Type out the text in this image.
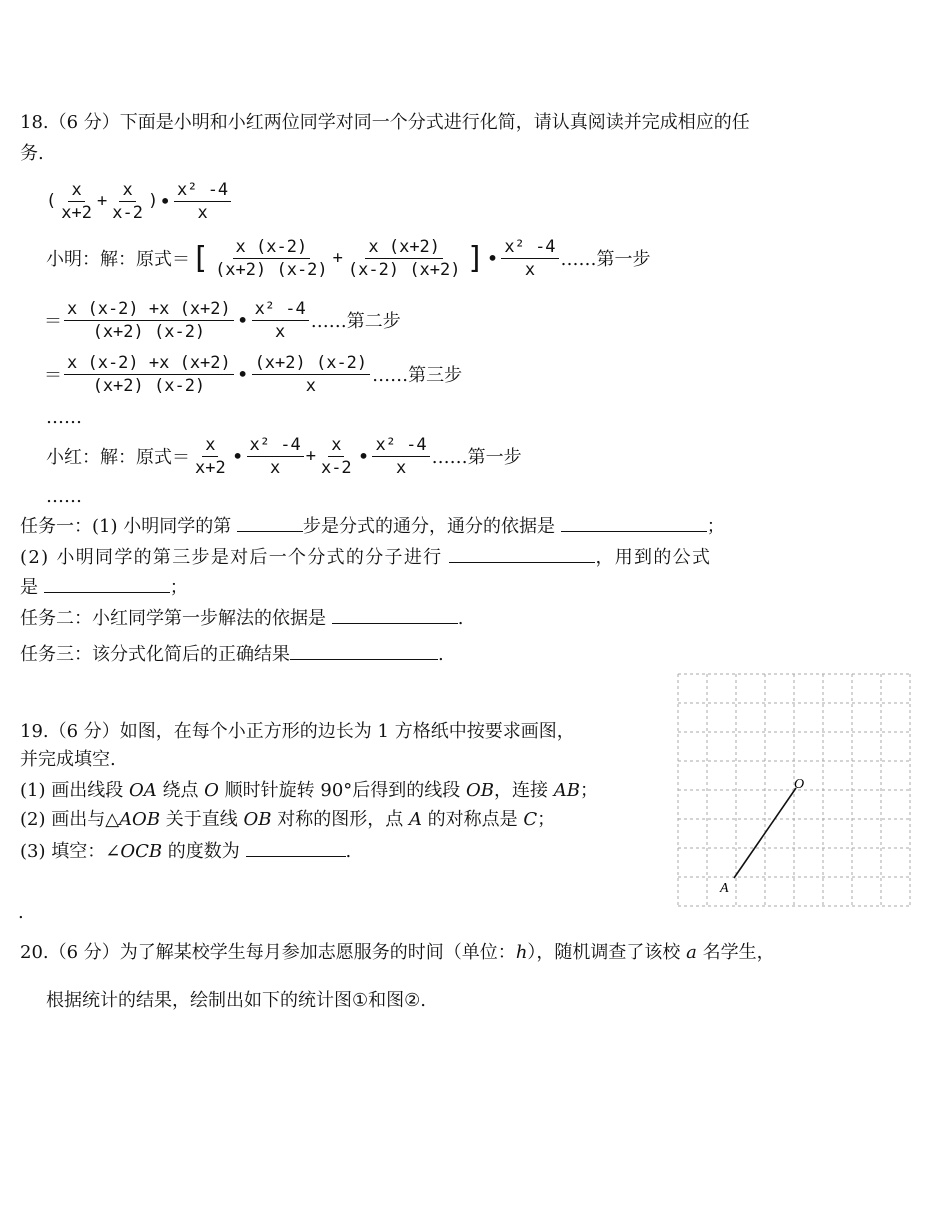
18.（6 分）下面是小明和小红两位同学对同一个分式进行化简，请认真阅读并完成相应的任
务.
( $\frac{x}{x+2} + \frac{x}{x-2}$ ) • $\frac{\text{x² -4}}{x}$
小明：解：原式＝ [ $\frac{x (x-2)}{(x+2) (x-2)} + \frac{x (x+2)}{(x-2) (x+2)}$ ] • $\frac{\text{x² -4}}{x}$ ……第一步
＝ $\frac{x (x-2) +x (x+2)}{(x+2) (x-2)}$ • $\frac{\text{x² -4}}{x}$ ……第二步
＝ $\frac{x (x-2) +x (x+2)}{(x+2) (x-2)}$ • $\frac{(x+2) (x-2)}{x}$ ……第三步
……
小红：解：原式＝ $\frac{x}{x+2}$ • $\frac{\text{x² -4}}{x} + \frac{x}{x-2}$ • $\frac{\text{x² -4}}{x}$ ……第一步
……
任务一：(1) 小明同学的第	步是分式的通分，通分的依据是	；
(2) 小明同学的第三步是对后一个分式的分子进行	，用到的公式
是	；
任务二：小红同学第一步解法的依据是	.
任务三：该分式化简后的正确结果	.
19.（6 分）如图，在每个小正方形的边长为 1 方格纸中按要求画图，
并完成填空.
(1) 画出线段 OA 绕点 O 顺时针旋转 90°后得到的线段 OB，连接 AB；
(2) 画出与△AOB 关于直线 OB 对称的图形，点 A 的对称点是 C；
(3) 填空：∠OCB 的度数为	.
.
O
A
20.（6 分）为了解某校学生每月参加志愿服务的时间（单位：h），随机调查了该校 a 名学生，
根据统计的结果，绘制出如下的统计图①和图②.
